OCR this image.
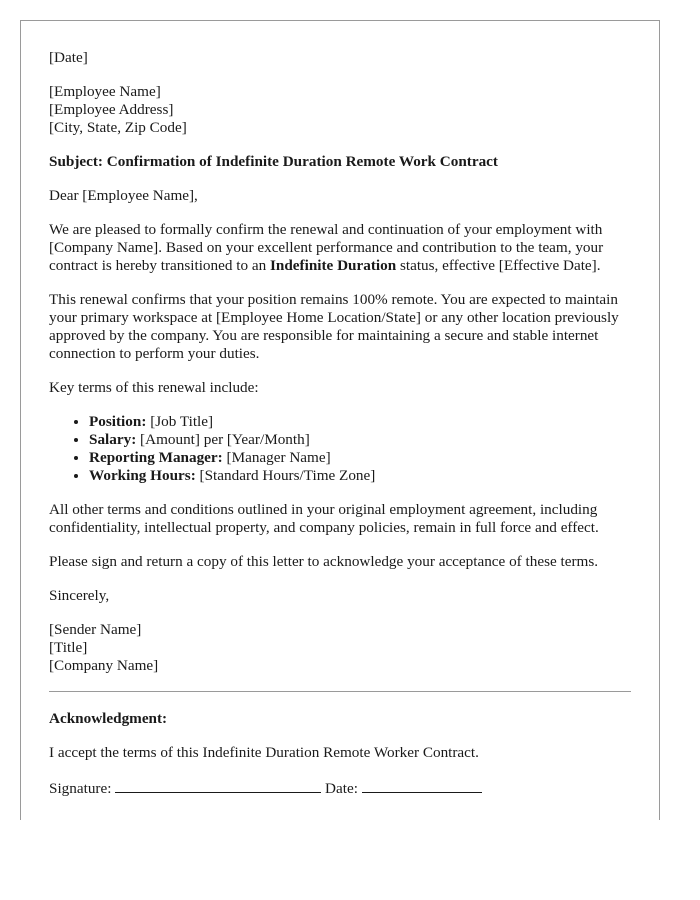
[Date]

[Employee Name]

[Employee Address]

[City, State, Zip Code]

Subject: Confirmation of Indefinite Duration Remote Work Contract

Dear [Employee Name],

We are pleased to formally confirm the renewal and continuation of your employment with [Company Name]. Based on your excellent performance and contribution to the team, your contract is hereby transitioned to an Indefinite Duration status, effective [Effective Date].

This renewal confirms that your position remains 100% remote. You are expected to maintain your primary workspace at [Employee Home Location/State] or any other location previously approved by the company. You are responsible for maintaining a secure and stable internet connection to perform your duties.

Key terms of this renewal include:

• Position: [Job Title]
• Salary: [Amount] per [Year/Month]
• Reporting Manager: [Manager Name]
• Working Hours: [Standard Hours/Time Zone]

All other terms and conditions outlined in your original employment agreement, including confidentiality, intellectual property, and company policies, remain in full force and effect.

Please sign and return a copy of this letter to acknowledge your acceptance of these terms.

Sincerely,

[Sender Name]

[Title]

[Company Name]

Acknowledgment:

I accept the terms of this Indefinite Duration Remote Worker Contract.

Signature:	Date:
